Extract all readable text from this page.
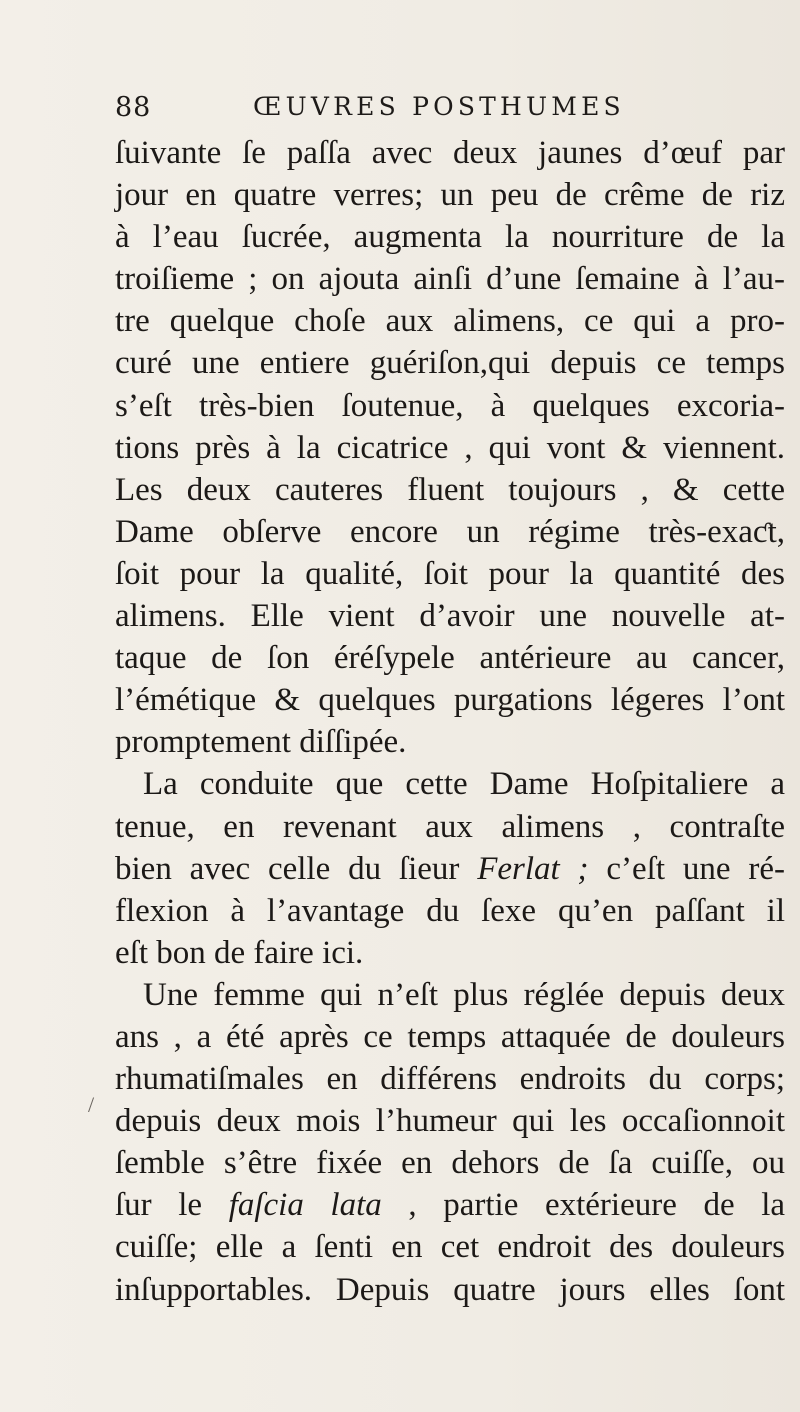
88	ŒUVRES POSTHUMES
/
ſuivante ſe paſſa avec deux jaunes d’œuf par
jour en quatre verres; un peu de crême de riz
à l’eau ſucrée, augmenta la nourriture de la
troiſieme ; on ajouta ainſi d’une ſemaine à l’au-
tre quelque choſe aux alimens, ce qui a pro-
curé une entiere guériſon,qui depuis ce temps
s’eſt très-bien ſoutenue, à quelques excoria-
tions près à la cicatrice , qui vont & viennent.
Les deux cauteres fluent toujours , & cette
Dame obſerve encore un régime très-exaƈt,
ſoit pour la qualité, ſoit pour la quantité des
alimens. Elle vient d’avoir une nouvelle at-
taque de ſon éréſypele antérieure au cancer,
l’émétique & quelques purgations légeres l’ont
promptement diſſipée.
La conduite que cette Dame Hoſpitaliere a
tenue, en revenant aux alimens , contraſte
bien avec celle du ſieur Ferlat ; c’eſt une ré-
flexion à l’avantage du ſexe qu’en paſſant il
eſt bon de faire ici.
Une femme qui n’eſt plus réglée depuis deux
ans , a été après ce temps attaquée de douleurs
rhumatiſmales en différens endroits du corps;
depuis deux mois l’humeur qui les occaſionnoit
ſemble s’être fixée en dehors de ſa cuiſſe, ou
ſur le faſcia lata , partie extérieure de la
cuiſſe; elle a ſenti en cet endroit des douleurs
inſupportables. Depuis quatre jours elles ſont
